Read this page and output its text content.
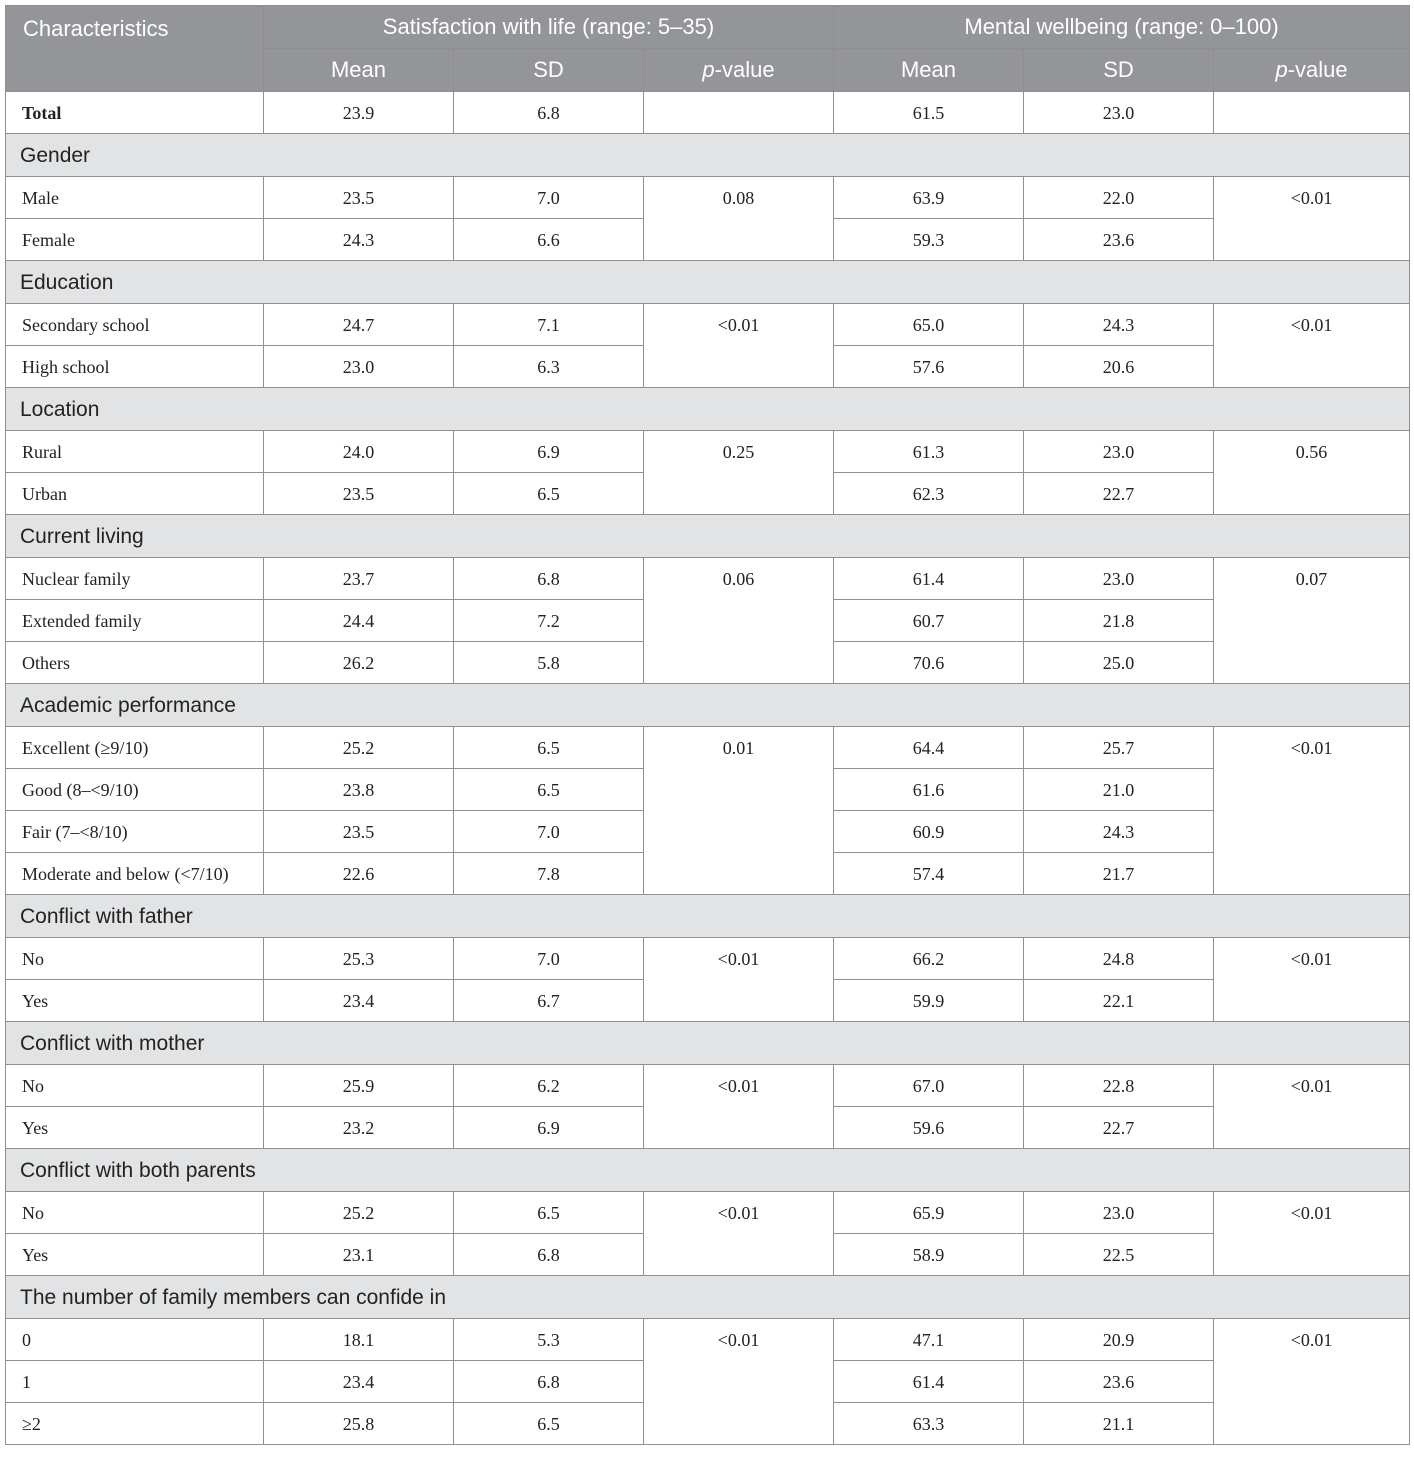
Characteristics	Satisfaction with life (range: 5–35)			Mental wellbeing (range: 0–100)		
	Mean	SD	p-value	Mean	SD	p-value
Total	23.9	6.8		61.5	23.0	
Gender						
Male	23.5	7.0	0.08	63.9	22.0	<0.01
Female	24.3	6.6		59.3	23.6	
Education						
Secondary school	24.7	7.1	<0.01	65.0	24.3	<0.01
High school	23.0	6.3		57.6	20.6	
Location						
Rural	24.0	6.9	0.25	61.3	23.0	0.56
Urban	23.5	6.5		62.3	22.7	
Current living						
Nuclear family	23.7	6.8	0.06	61.4	23.0	0.07
Extended family	24.4	7.2		60.7	21.8	
Others	26.2	5.8		70.6	25.0	
Academic performance						
Excellent (≥9/10)	25.2	6.5	0.01	64.4	25.7	<0.01
Good (8–<9/10)	23.8	6.5		61.6	21.0	
Fair (7–<8/10)	23.5	7.0		60.9	24.3	
Moderate and below (<7/10)	22.6	7.8		57.4	21.7	
Conflict with father						
No	25.3	7.0	<0.01	66.2	24.8	<0.01
Yes	23.4	6.7		59.9	22.1	
Conflict with mother						
No	25.9	6.2	<0.01	67.0	22.8	<0.01
Yes	23.2	6.9		59.6	22.7	
Conflict with both parents						
No	25.2	6.5	<0.01	65.9	23.0	<0.01
Yes	23.1	6.8		58.9	22.5	
The number of family members can confide in						
0	18.1	5.3	<0.01	47.1	20.9	<0.01
1	23.4	6.8		61.4	23.6	
≥2	25.8	6.5		63.3	21.1	
